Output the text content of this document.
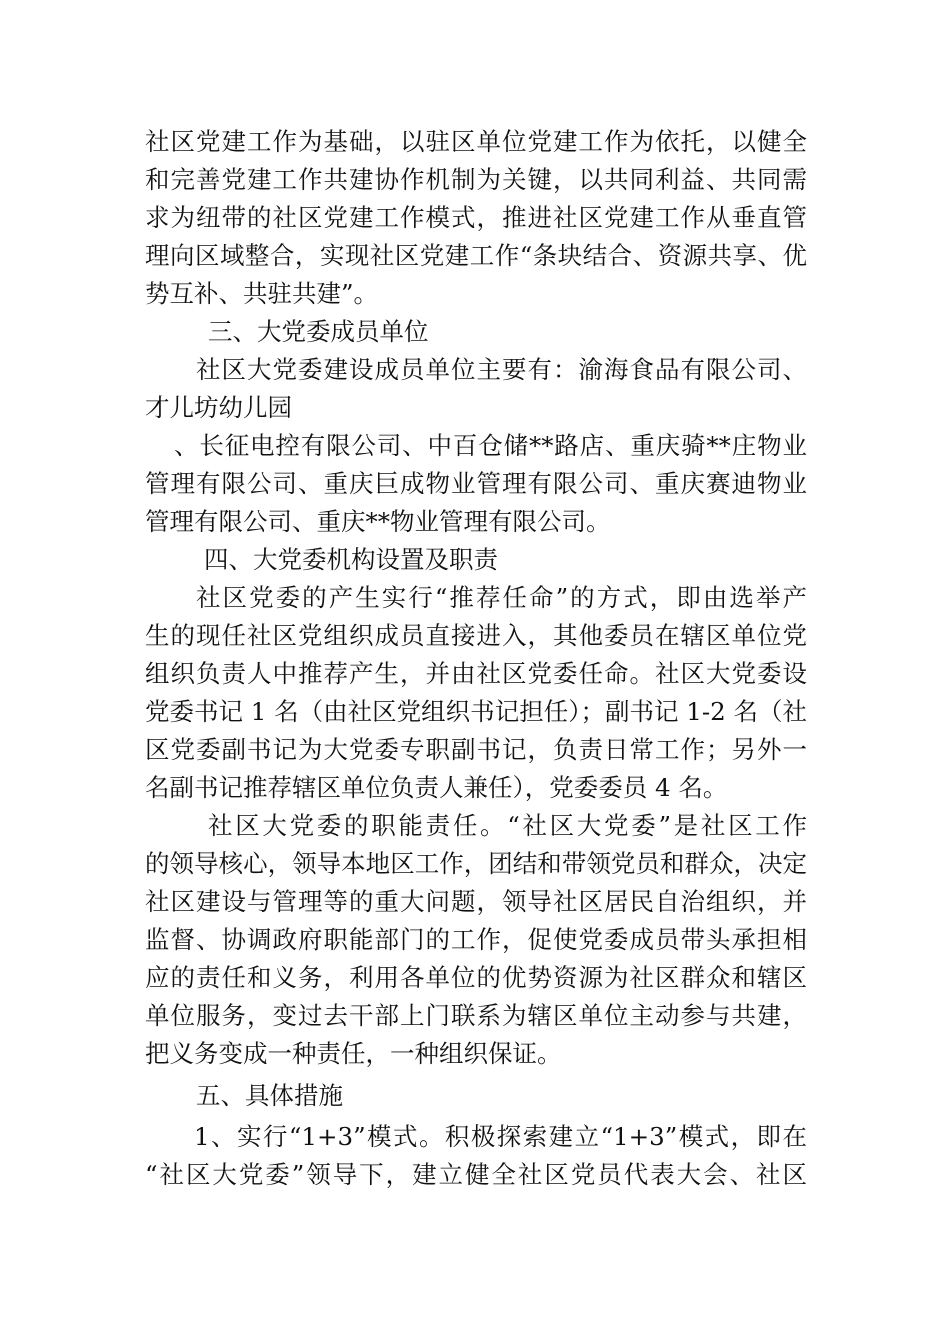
社区党建工作为基础，以驻区单位党建工作为依托，以健全
和完善党建工作共建协作机制为关键，以共同利益、共同需
求为纽带的社区党建工作模式，推进社区党建工作从垂直管
理向区域整合，实现社区党建工作“条块结合、资源共享、优
势互补、共驻共建”。
三、大党委成员单位
社区大党委建设成员单位主要有：渝海食品有限公司、
才儿坊幼儿园
、长征电控有限公司、中百仓储**路店、重庆骑**庄物业
管理有限公司、重庆巨成物业管理有限公司、重庆赛迪物业
管理有限公司、重庆**物业管理有限公司。
四、大党委机构设置及职责
社区党委的产生实行“推荐任命”的方式，即由选举产
生的现任社区党组织成员直接进入，其他委员在辖区单位党
组织负责人中推荐产生，并由社区党委任命。社区大党委设
党委书记 1 名（由社区党组织书记担任）；副书记 1-2 名（社
区党委副书记为大党委专职副书记，负责日常工作；另外一
名副书记推荐辖区单位负责人兼任），党委委员 4 名。
社区大党委的职能责任。“社区大党委”是社区工作
的领导核心，领导本地区工作，团结和带领党员和群众，决定
社区建设与管理等的重大问题，领导社区居民自治组织，并
监督、协调政府职能部门的工作，促使党委成员带头承担相
应的责任和义务，利用各单位的优势资源为社区群众和辖区
单位服务，变过去干部上门联系为辖区单位主动参与共建，
把义务变成一种责任，一种组织保证。
五、具体措施
1、实行“1+3”模式。积极探索建立“1+3”模式，即在
“社区大党委”领导下，建立健全社区党员代表大会、社区
